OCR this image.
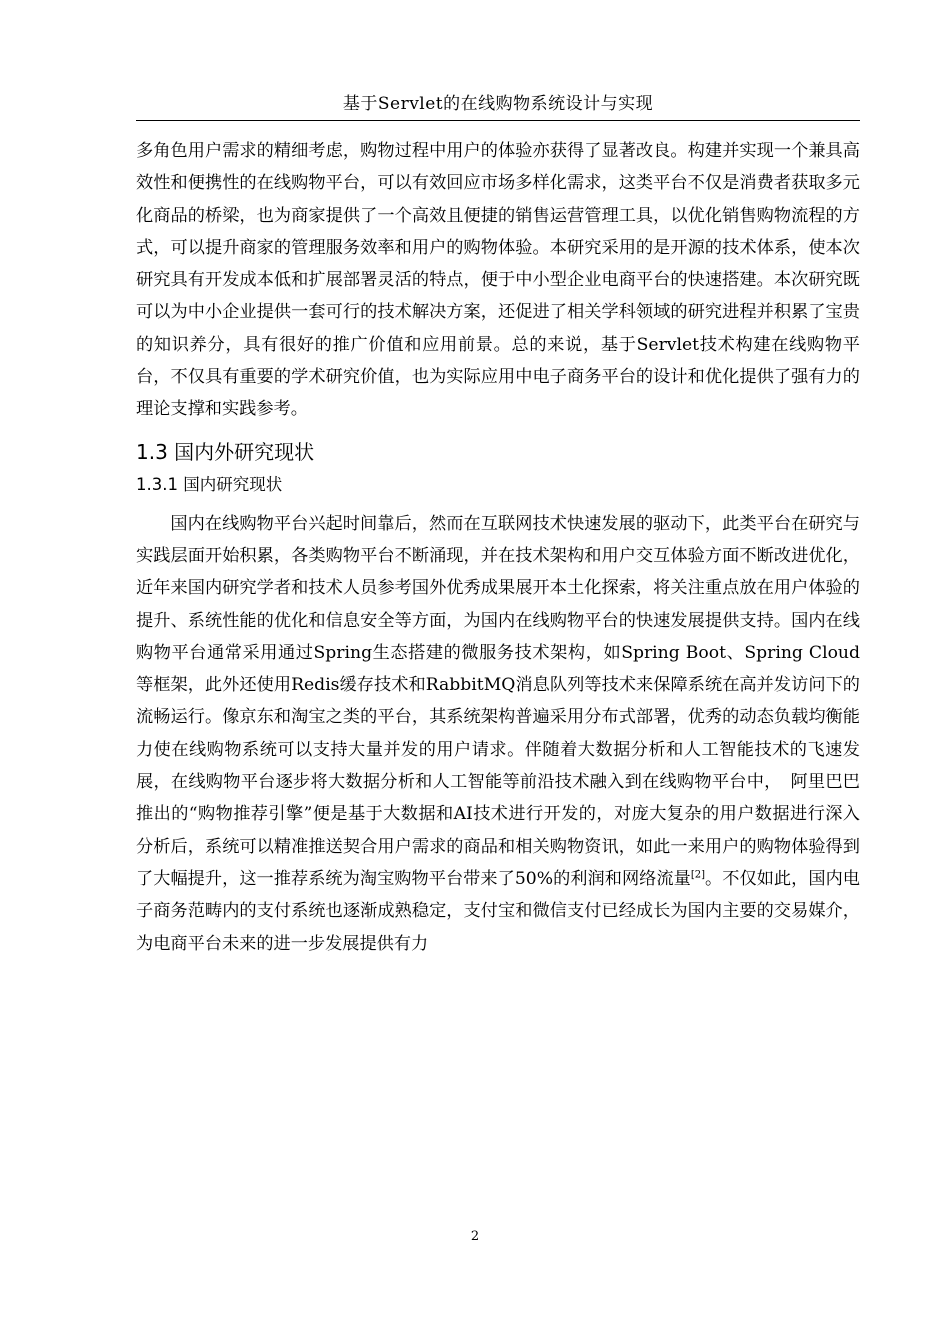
基于Servlet的在线购物系统设计与实现

多角色用户需求的精细考虑，购物过程中用户的体验亦获得了显著改良。构建并实现一个兼具高效性和便携性的在线购物平台，可以有效回应市场多样化需求，这类平台不仅是消费者获取多元化商品的桥梁，也为商家提供了一个高效且便捷的销售运营管理工具，以优化销售购物流程的方式，可以提升商家的管理服务效率和用户的购物体验。本研究采用的是开源的技术体系，使本次研究具有开发成本低和扩展部署灵活的特点，便于中小型企业电商平台的快速搭建。本次研究既可以为中小企业提供一套可行的技术解决方案，还促进了相关学科领域的研究进程并积累了宝贵的知识养分，具有很好的推广价值和应用前景。总的来说，基于Servlet技术构建在线购物平台，不仅具有重要的学术研究价值，也为实际应用中电子商务平台的设计和优化提供了强有力的理论支撑和实践参考。

1.3 国内外研究现状
1.3.1 国内研究现状

国内在线购物平台兴起时间靠后，然而在互联网技术快速发展的驱动下，此类平台在研究与实践层面开始积累，各类购物平台不断涌现，并在技术架构和用户交互体验方面不断改进优化，近年来国内研究学者和技术人员参考国外优秀成果展开本土化探索，将关注重点放在用户体验的提升、系统性能的优化和信息安全等方面，为国内在线购物平台的快速发展提供支持。国内在线购物平台通常采用通过Spring生态搭建的微服务技术架构，如Spring Boot、Spring Cloud等框架，此外还使用Redis缓存技术和RabbitMQ消息队列等技术来保障系统在高并发访问下的流畅运行。像京东和淘宝之类的平台，其系统架构普遍采用分布式部署，优秀的动态负载均衡能力使在线购物系统可以支持大量并发的用户请求。伴随着大数据分析和人工智能技术的飞速发展，在线购物平台逐步将大数据分析和人工智能等前沿技术融入到在线购物平台中，　阿里巴巴推出的“购物推荐引擎”便是基于大数据和AI技术进行开发的，对庞大复杂的用户数据进行深入分析后，系统可以精准推送契合用户需求的商品和相关购物资讯，如此一来用户的购物体验得到了大幅提升，这一推荐系统为淘宝购物平台带来了50%的利润和网络流量[2]。不仅如此，国内电子商务范畴内的支付系统也逐渐成熟稳定，支付宝和微信支付已经成长为国内主要的交易媒介，为电商平台未来的进一步发展提供有力

2
